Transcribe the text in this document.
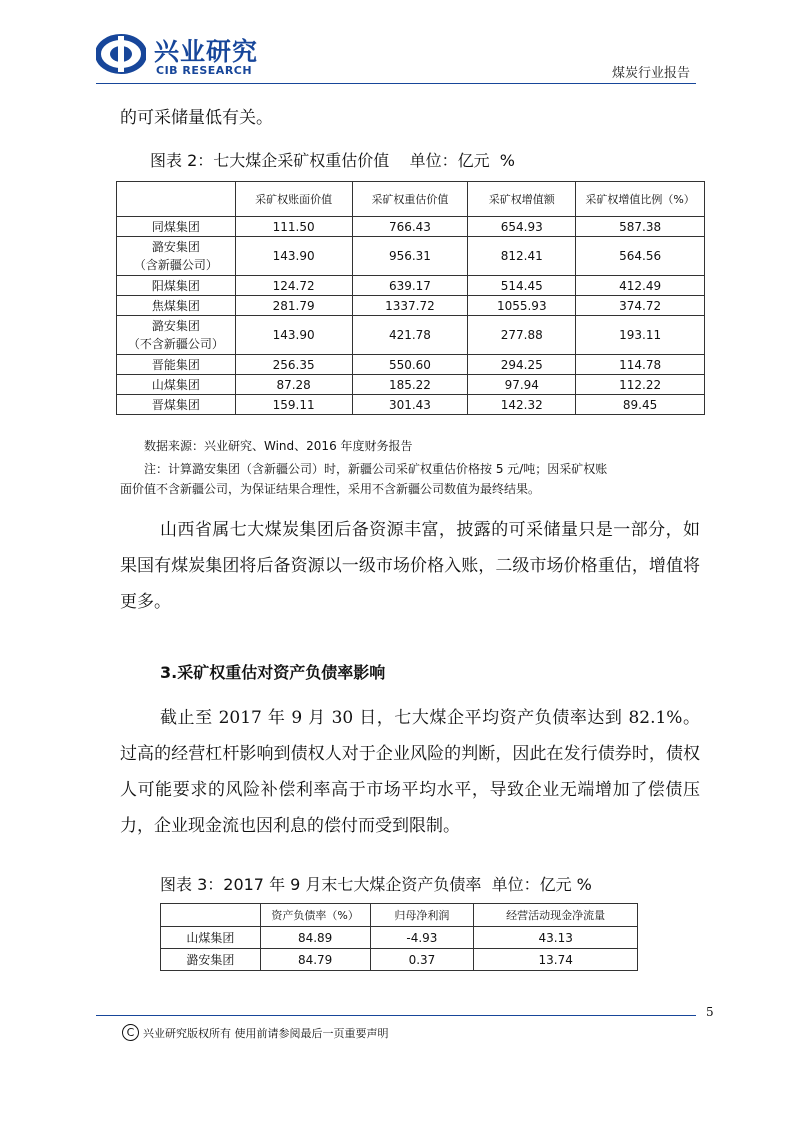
兴业研究
CIB RESEARCH	煤炭行业报告
的可采储量低有关。
图表 2：七大煤企采矿权重估价值    单位：亿元  %
	采矿权账面价值	采矿权重估价值	采矿权增值额	采矿权增值比例（%）
同煤集团	111.50	766.43	654.93	587.38
潞安集团
（含新疆公司）	143.90	956.31	812.41	564.56
阳煤集团	124.72	639.17	514.45	412.49
焦煤集团	281.79	1337.72	1055.93	374.72
潞安集团
（不含新疆公司）	143.90	421.78	277.88	193.11
晋能集团	256.35	550.60	294.25	114.78
山煤集团	87.28	185.22	97.94	112.22
晋煤集团	159.11	301.43	142.32	89.45
数据来源：兴业研究、Wind、2016 年度财务报告
注：计算潞安集团（含新疆公司）时，新疆公司采矿权重估价格按 5 元/吨；因采矿权账
面价值不含新疆公司，为保证结果合理性，采用不含新疆公司数值为最终结果。
山西省属七大煤炭集团后备资源丰富，披露的可采储量只是一部分，如果国有煤炭集团将后备资源以一级市场价格入账，二级市场价格重估，增值将更多。
3.采矿权重估对资产负债率影响
截止至 2017 年 9 月 30 日，七大煤企平均资产负债率达到 82.1%。过高的经营杠杆影响到债权人对于企业风险的判断，因此在发行债券时，债权人可能要求的风险补偿利率高于市场平均水平，导致企业无端增加了偿债压力，企业现金流也因利息的偿付而受到限制。
图表 3：2017 年 9 月末七大煤企资产负债率  单位：亿元 %
	资产负债率（%）	归母净利润	经营活动现金净流量
山煤集团	84.89	-4.93	43.13
潞安集团	84.79	0.37	13.74
5
C 兴业研究版权所有 使用前请参阅最后一页重要声明
